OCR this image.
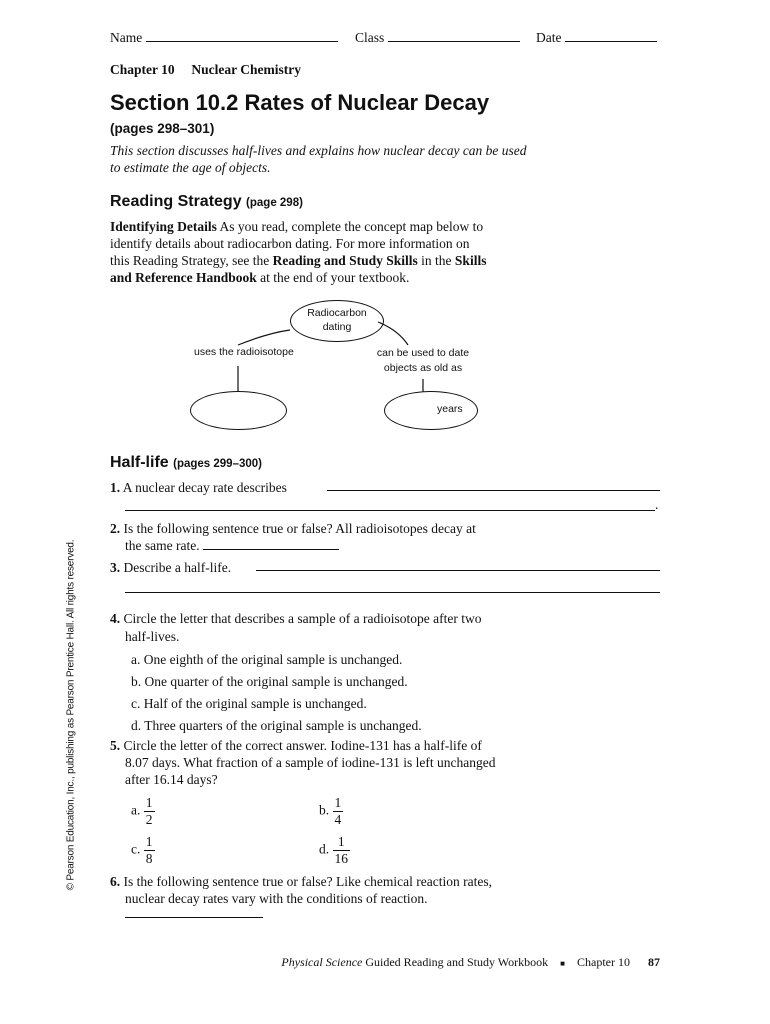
Name	Class	Date
Chapter 10 Nuclear Chemistry
Section 10.2 Rates of Nuclear Decay
(pages 298–301)
This section discusses half-lives and explains how nuclear decay can be used
to estimate the age of objects.
Reading Strategy (page 298)
Identifying Details As you read, complete the concept map below to
identify details about radiocarbon dating. For more information on
this Reading Strategy, see the Reading and Study Skills in the Skills
and Reference Handbook at the end of your textbook.
Radiocarbon
dating
uses the radioisotope	can be used to date
objects as old as
years
Half-life (pages 299–300)
1. A nuclear decay rate describes
.
2. Is the following sentence true or false? All radioisotopes decay at
the same rate.
3. Describe a half-life.
4. Circle the letter that describes a sample of a radioisotope after two
half-lives.
a. One eighth of the original sample is unchanged.
b. One quarter of the original sample is unchanged.
c. Half of the original sample is unchanged.
d. Three quarters of the original sample is unchanged.
5. Circle the letter of the correct answer. Iodine-131 has a half-life of
8.07 days. What fraction of a sample of iodine-131 is left unchanged
after 16.14 days?
a. $\frac{1}{2}$	b. $\frac{1}{4}$
c. $\frac{1}{8}$	d. $\frac{1}{16}$
6. Is the following sentence true or false? Like chemical reaction rates,
nuclear decay rates vary with the conditions of reaction.
© Pearson Education, Inc., publishing as Pearson Prentice Hall. All rights reserved.
Physical Science Guided Reading and Study Workbook ■ Chapter 10 87
